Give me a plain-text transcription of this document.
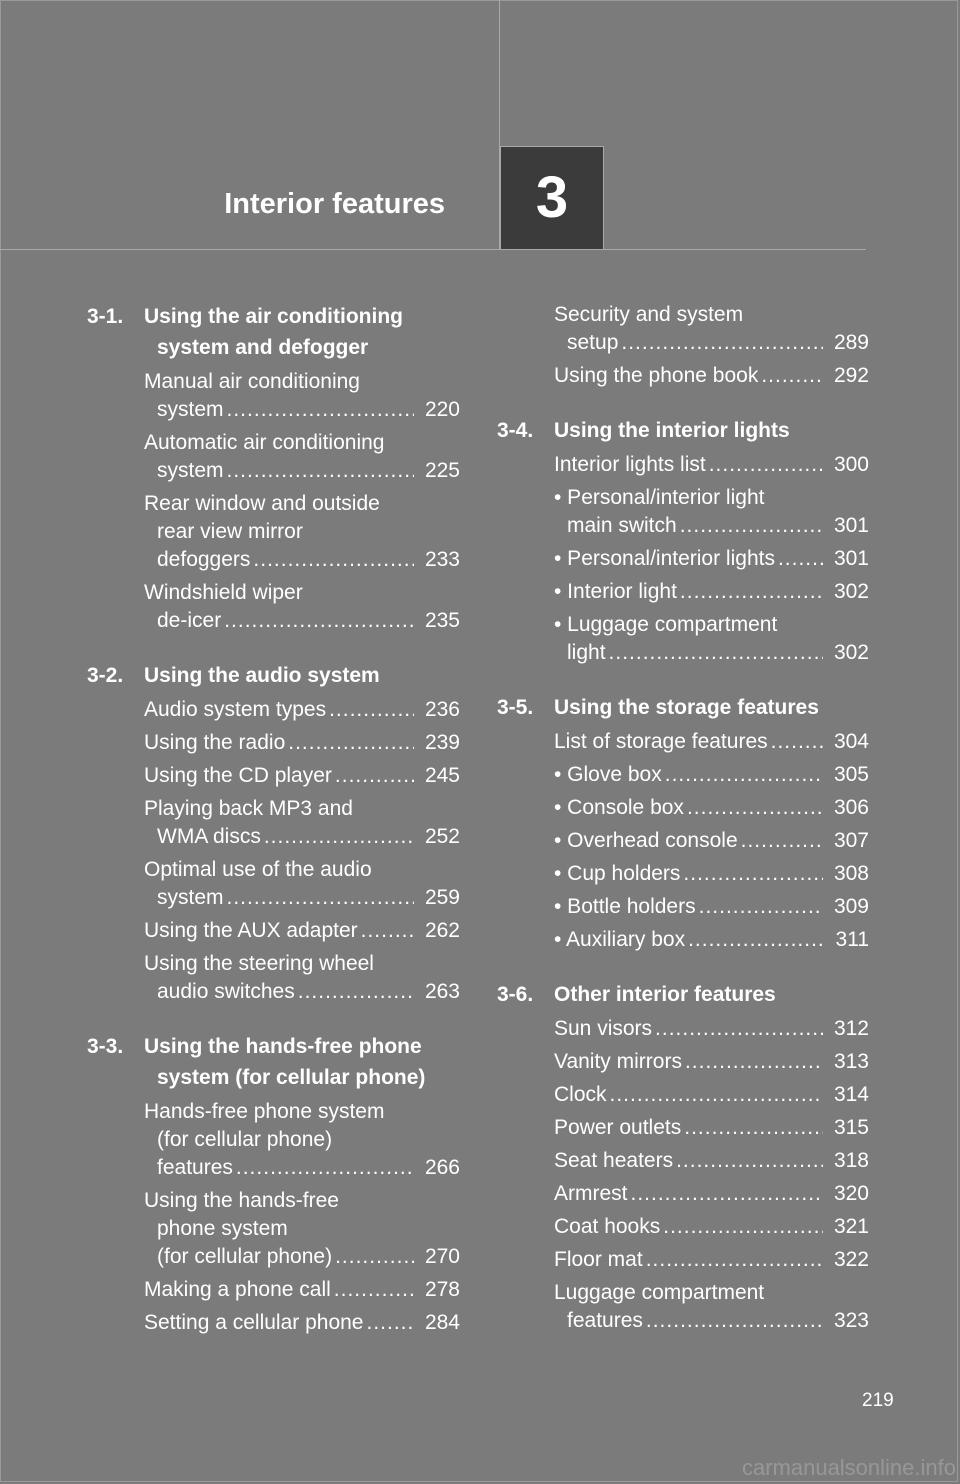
Interior features	3
3-1. Using the air conditioning
system and defogger
Manual air conditioning
system .....	220
Automatic air conditioning
system .....	225
Rear window and outside
rear view mirror
defoggers .....	233
Windshield wiper
de-icer .....	235
3-2. Using the audio system
Audio system types .....	236
Using the radio .....	239
Using the CD player .....	245
Playing back MP3 and
WMA discs .....	252
Optimal use of the audio
system .....	259
Using the AUX adapter .....	262
Using the steering wheel
audio switches .....	263
3-3. Using the hands-free phone
system (for cellular phone)
Hands-free phone system
(for cellular phone)
features .....	266
Using the hands-free
phone system
(for cellular phone) .....	270
Making a phone call .....	278
Setting a cellular phone .....	284
Security and system
setup .....	289
Using the phone book .....	292
3-4. Using the interior lights
Interior lights list .....	300
• Personal/interior light
main switch .....	301
• Personal/interior lights .....	301
• Interior light .....	302
• Luggage compartment
light .....	302
3-5. Using the storage features
List of storage features .....	304
• Glove box .....	305
• Console box .....	306
• Overhead console .....	307
• Cup holders .....	308
• Bottle holders .....	309
• Auxiliary box .....	311
3-6. Other interior features
Sun visors .....	312
Vanity mirrors .....	313
Clock .....	314
Power outlets .....	315
Seat heaters .....	318
Armrest .....	320
Coat hooks .....	321
Floor mat .....	322
Luggage compartment
features .....	323
219
carmanualsonline.info
